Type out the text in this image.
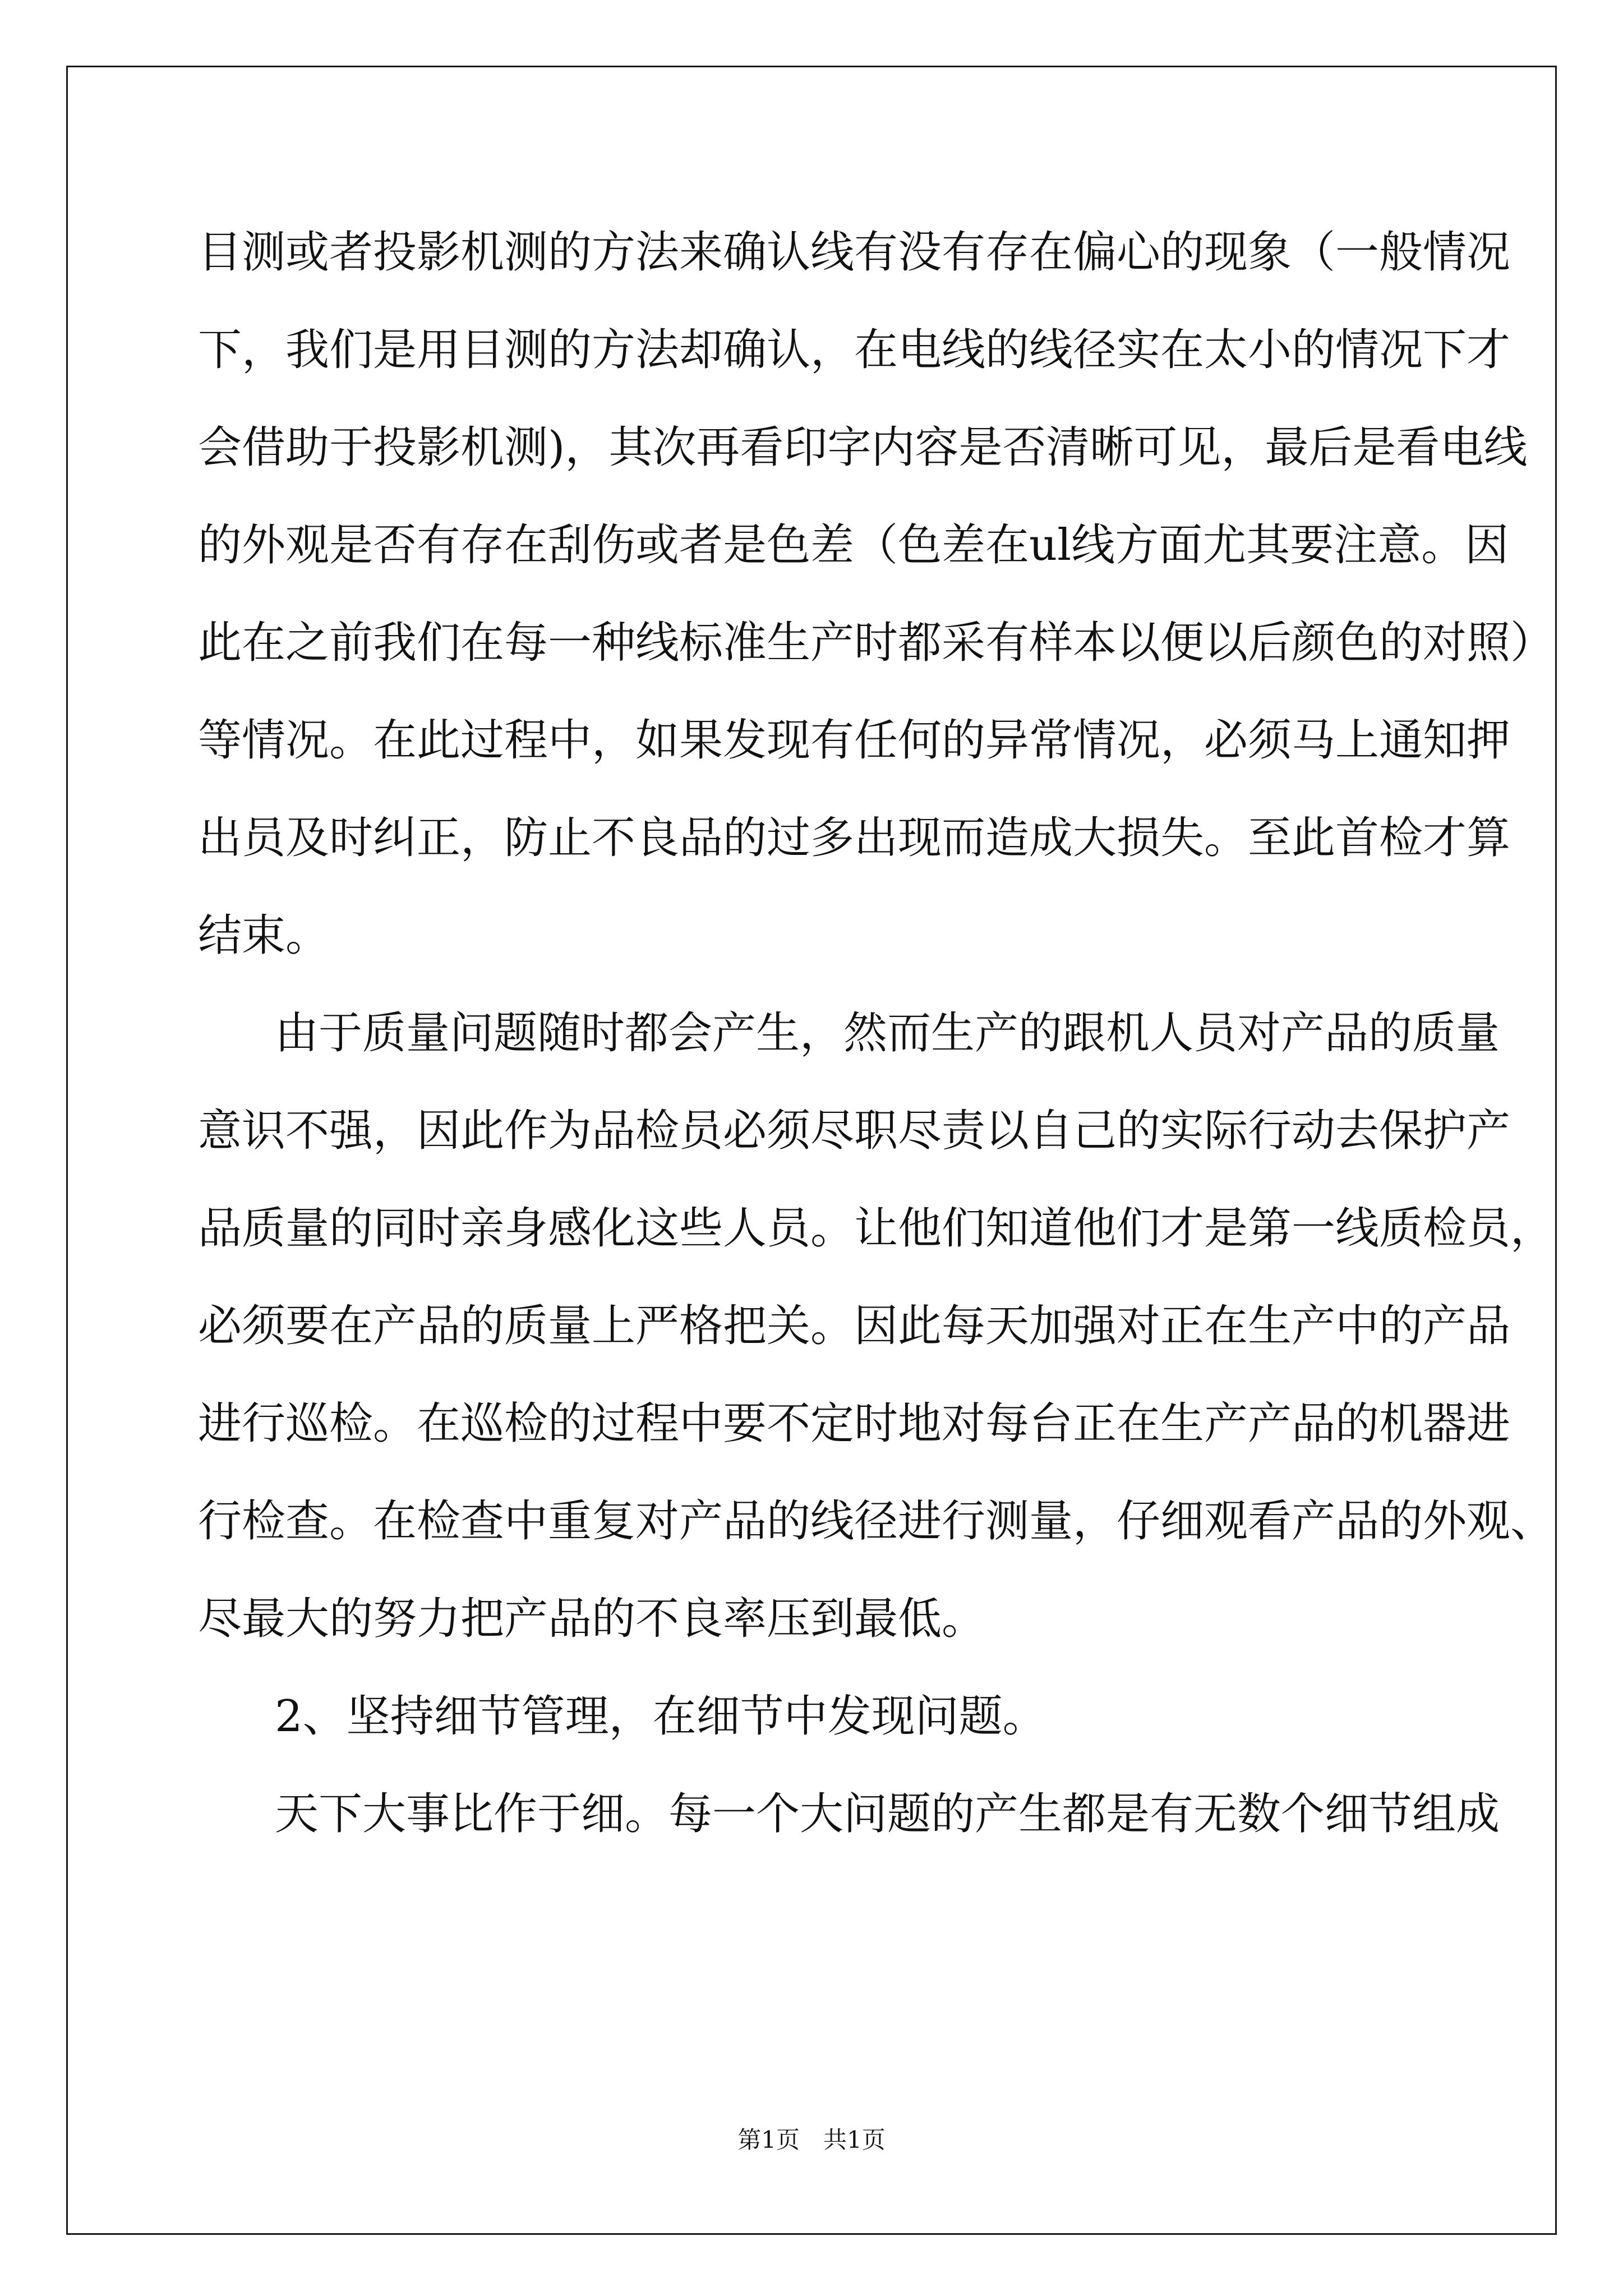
目测或者投影机测的方法来确认线有没有存在偏心的现象（一般情况

下，我们是用目测的方法却确认，在电线的线径实在太小的情况下才

会借助于投影机测)，其次再看印字内容是否清晰可见，最后是看电线

的外观是否有存在刮伤或者是色差（色差在ul线方面尤其要注意。因

此在之前我们在每一种线标准生产时都采有样本以便以后颜色的对照）

等情况。在此过程中，如果发现有任何的异常情况，必须马上通知押

出员及时纠正，防止不良品的过多出现而造成大损失。至此首检才算

结束。

由于质量问题随时都会产生，然而生产的跟机人员对产品的质量

意识不强，因此作为品检员必须尽职尽责以自己的实际行动去保护产

品质量的同时亲身感化这些人员。让他们知道他们才是第一线质检员，

必须要在产品的质量上严格把关。因此每天加强对正在生产中的产品

进行巡检。在巡检的过程中要不定时地对每台正在生产产品的机器进

行检查。在检查中重复对产品的线径进行测量，仔细观看产品的外观、

尽最大的努力把产品的不良率压到最低。

2、坚持细节管理，在细节中发现问题。

天下大事比作于细。每一个大问题的产生都是有无数个细节组成

第1页　共1页
